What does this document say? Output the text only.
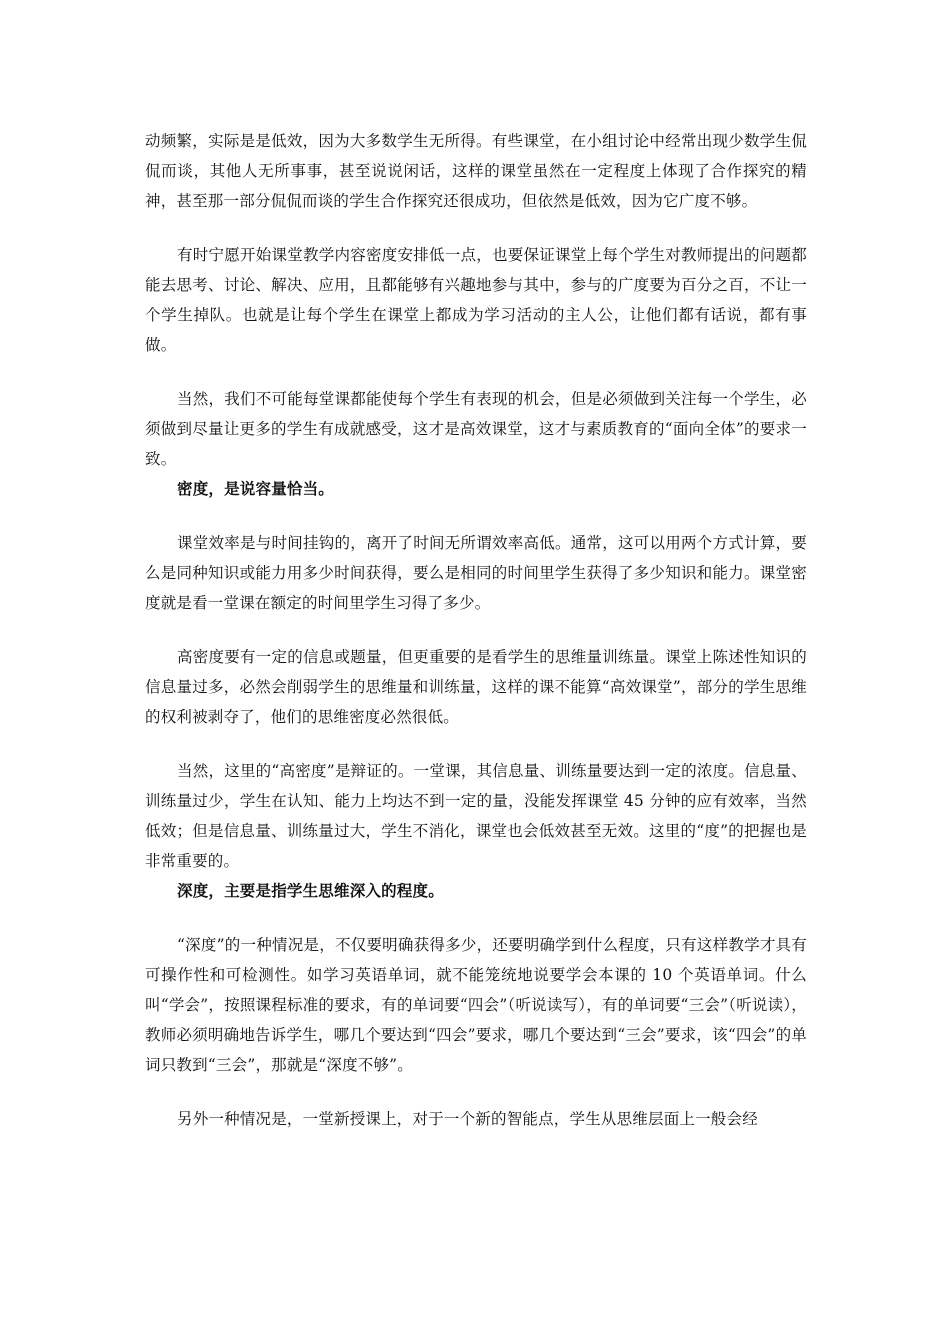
动频繁，实际是是低效，因为大多数学生无所得。有些课堂，在小组讨论中经常出现少数学生侃侃而谈，其他人无所事事，甚至说说闲话，这样的课堂虽然在一定程度上体现了合作探究的精神，甚至那一部分侃侃而谈的学生合作探究还很成功，但依然是低效，因为它广度不够。

有时宁愿开始课堂教学内容密度安排低一点，也要保证课堂上每个学生对教师提出的问题都能去思考、讨论、解决、应用，且都能够有兴趣地参与其中，参与的广度要为百分之百，不让一个学生掉队。也就是让每个学生在课堂上都成为学习活动的主人公，让他们都有话说，都有事做。

当然，我们不可能每堂课都能使每个学生有表现的机会，但是必须做到关注每一个学生，必须做到尽量让更多的学生有成就感受，这才是高效课堂，这才与素质教育的“面向全体”的要求一致。

密度，是说容量恰当。

课堂效率是与时间挂钩的，离开了时间无所谓效率高低。通常，这可以用两个方式计算，要么是同种知识或能力用多少时间获得，要么是相同的时间里学生获得了多少知识和能力。课堂密度就是看一堂课在额定的时间里学生习得了多少。

高密度要有一定的信息或题量，但更重要的是看学生的思维量训练量。课堂上陈述性知识的信息量过多，必然会削弱学生的思维量和训练量，这样的课不能算“高效课堂”，部分的学生思维的权利被剥夺了，他们的思维密度必然很低。

当然，这里的“高密度”是辩证的。一堂课，其信息量、训练量要达到一定的浓度。信息量、训练量过少，学生在认知、能力上均达不到一定的量，没能发挥课堂 45 分钟的应有效率，当然低效；但是信息量、训练量过大，学生不消化，课堂也会低效甚至无效。这里的“度”的把握也是非常重要的。

深度，主要是指学生思维深入的程度。

“深度”的一种情况是，不仅要明确获得多少，还要明确学到什么程度，只有这样教学才具有可操作性和可检测性。如学习英语单词，就不能笼统地说要学会本课的 10 个英语单词。什么叫“学会”，按照课程标准的要求，有的单词要“四会”（听说读写），有的单词要“三会”（听说读），教师必须明确地告诉学生，哪几个要达到“四会”要求，哪几个要达到“三会”要求，该“四会”的单词只教到“三会”，那就是“深度不够”。

另外一种情况是，一堂新授课上，对于一个新的智能点，学生从思维层面上一般会经
